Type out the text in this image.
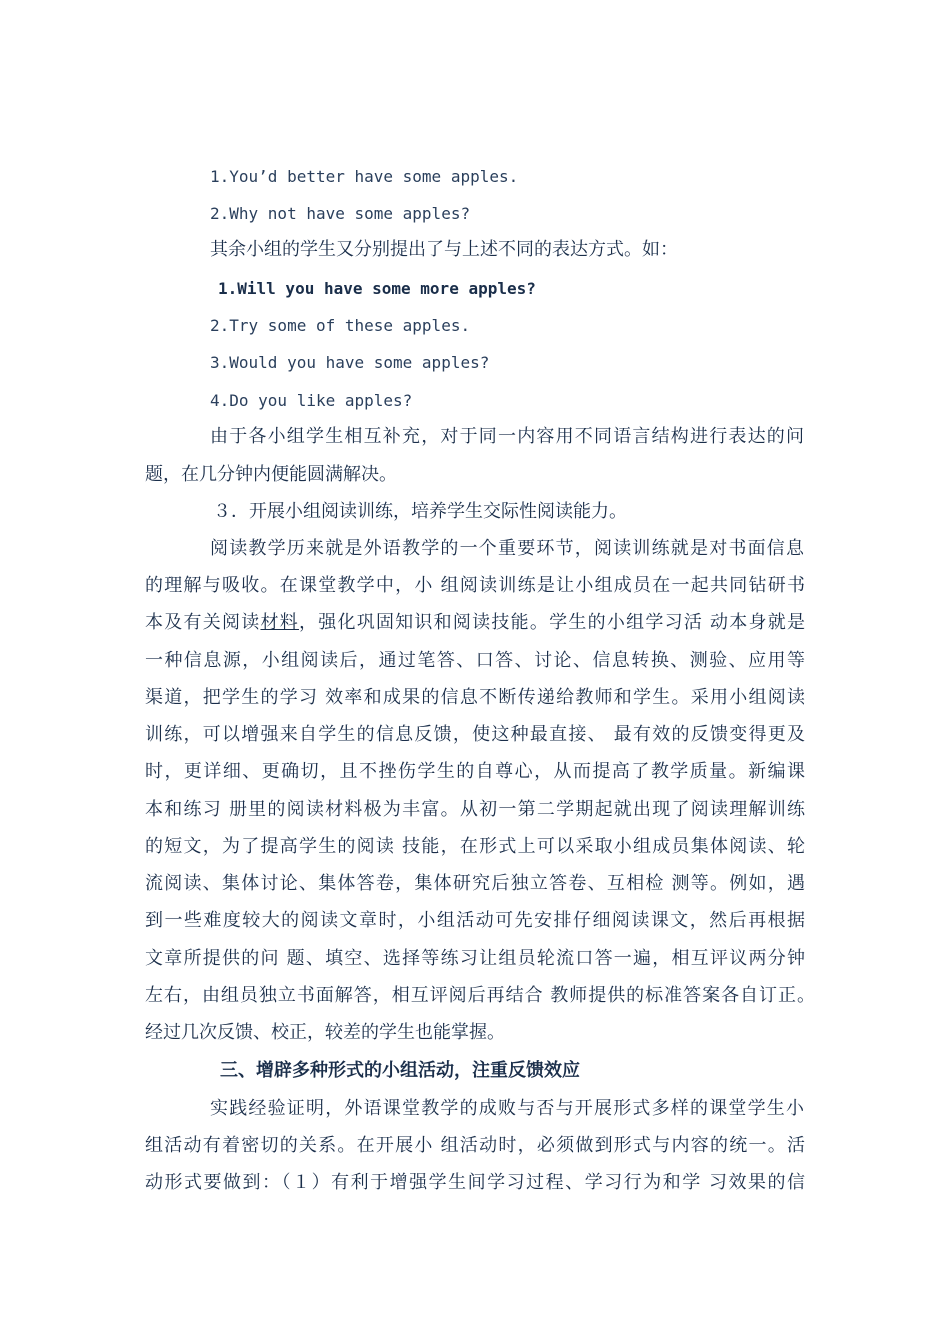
1.You’d better have some apples.
2.Why not have some apples?
其余小组的学生又分别提出了与上述不同的表达方式。如：
1.Will you have some more apples?
2.Try some of these apples.
3.Would you have some apples?
4.Do you like apples?
由于各小组学生相互补充，对于同一内容用不同语言结构进行表达的问
题，在几分钟内便能圆满解决。
３．开展小组阅读训练，培养学生交际性阅读能力。
阅读教学历来就是外语教学的一个重要环节，阅读训练就是对书面信息
的理解与吸收。在课堂教学中，小 组阅读训练是让小组成员在一起共同钻研书
本及有关阅读材料，强化巩固知识和阅读技能。学生的小组学习活 动本身就是
一种信息源，小组阅读后，通过笔答、口答、讨论、信息转换、测验、应用等
渠道，把学生的学习 效率和成果的信息不断传递给教师和学生。采用小组阅读
训练，可以增强来自学生的信息反馈，使这种最直接、 最有效的反馈变得更及
时，更详细、更确切，且不挫伤学生的自尊心，从而提高了教学质量。新编课
本和练习 册里的阅读材料极为丰富。从初一第二学期起就出现了阅读理解训练
的短文，为了提高学生的阅读 技能，在形式上可以采取小组成员集体阅读、轮
流阅读、集体讨论、集体答卷，集体研究后独立答卷、互相检 测等。例如，遇
到一些难度较大的阅读文章时，小组活动可先安排仔细阅读课文，然后再根据
文章所提供的问 题、填空、选择等练习让组员轮流口答一遍，相互评议两分钟
左右，由组员独立书面解答，相互评阅后再结合 教师提供的标准答案各自订正。
经过几次反馈、校正，较差的学生也能掌握。
三、增辟多种形式的小组活动，注重反馈效应
实践经验证明，外语课堂教学的成败与否与开展形式多样的课堂学生小
组活动有着密切的关系。在开展小 组活动时，必须做到形式与内容的统一。活
动形式要做到：（１）有利于增强学生间学习过程、学习行为和学 习效果的信
